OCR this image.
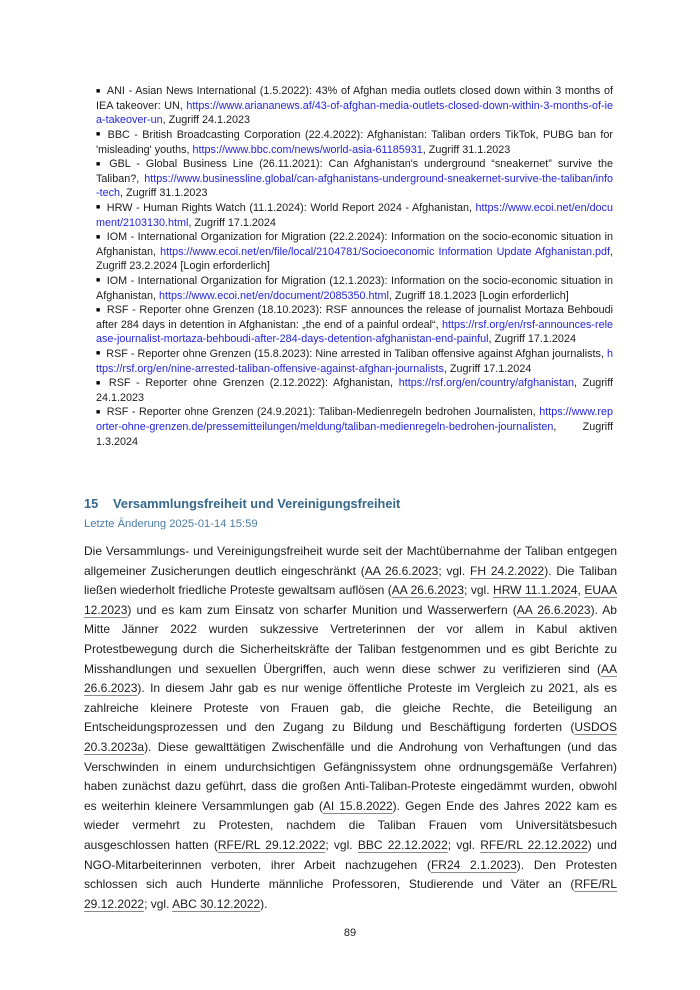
■ ANI - Asian News International (1.5.2022): 43% of Afghan media outlets closed down within 3 months of IEA takeover: UN, https://www.ariananews.af/43-of-afghan-media-outlets-closed-down-within-3-months-of-iea-takeover-un, Zugriff 24.1.2023
■ BBC - British Broadcasting Corporation (22.4.2022): Afghanistan: Taliban orders TikTok, PUBG ban for 'misleading' youths, https://www.bbc.com/news/world-asia-61185931, Zugriff 31.1.2023
■ GBL - Global Business Line (26.11.2021): Can Afghanistan's underground “sneakernet” survive the Taliban?, https://www.businessline.global/can-afghanistans-underground-sneakernet-survive-the-taliban/info-tech, Zugriff 31.1.2023
■ HRW - Human Rights Watch (11.1.2024): World Report 2024 - Afghanistan, https://www.ecoi.net/en/document/2103130.html, Zugriff 17.1.2024
■ IOM - International Organization for Migration (22.2.2024): Information on the socio-economic situation in Afghanistan, https://www.ecoi.net/en/file/local/2104781/Socioeconomic Information Update Afghanistan.pdf, Zugriff 23.2.2024 [Login erforderlich]
■ IOM - International Organization for Migration (12.1.2023): Information on the socio-economic situation in Afghanistan, https://www.ecoi.net/en/document/2085350.html, Zugriff 18.1.2023 [Login erforderlich]
■ RSF - Reporter ohne Grenzen (18.10.2023): RSF announces the release of journalist Mortaza Behboudi after 284 days in detention in Afghanistan: „the end of a painful ordeal“, https://rsf.org/en/rsf-announces-release-journalist-mortaza-behboudi-after-284-days-detention-afghanistan-end-painful, Zugriff 17.1.2024
■ RSF - Reporter ohne Grenzen (15.8.2023): Nine arrested in Taliban offensive against Afghan journalists, https://rsf.org/en/nine-arrested-taliban-offensive-against-afghan-journalists, Zugriff 17.1.2024
■ RSF - Reporter ohne Grenzen (2.12.2022): Afghanistan, https://rsf.org/en/country/afghanistan, Zugriff 24.1.2023
■ RSF - Reporter ohne Grenzen (24.9.2021): Taliban-Medienregeln bedrohen Journalisten, https://www.reporter-ohne-grenzen.de/pressemitteilungen/meldung/taliban-medienregeln-bedrohen-journalisten, Zugriff 1.3.2024
15 Versammlungsfreiheit und Vereinigungsfreiheit
Letzte Änderung 2025-01-14 15:59

Die Versammlungs- und Vereinigungsfreiheit wurde seit der Machtübernahme der Taliban entgegen allgemeiner Zusicherungen deutlich eingeschränkt (AA 26.6.2023; vgl. FH 24.2.2022). Die Taliban ließen wiederholt friedliche Proteste gewaltsam auflösen (AA 26.6.2023; vgl. HRW 11.1.2024, EUAA 12.2023) und es kam zum Einsatz von scharfer Munition und Wasserwerfern (AA 26.6.2023). Ab Mitte Jänner 2022 wurden sukzessive Vertreterinnen der vor allem in Kabul aktiven Protestbewegung durch die Sicherheitskräfte der Taliban festgenommen und es gibt Berichte zu Misshandlungen und sexuellen Übergriffen, auch wenn diese schwer zu verifizieren sind (AA 26.6.2023). In diesem Jahr gab es nur wenige öffentliche Proteste im Vergleich zu 2021, als es zahlreiche kleinere Proteste von Frauen gab, die gleiche Rechte, die Beteiligung an Entscheidungsprozessen und den Zugang zu Bildung und Beschäftigung forderten (USDOS 20.3.2023a). Diese gewalttätigen Zwischenfälle und die Androhung von Verhaftungen (und das Verschwinden in einem undurchsichtigen Gefängnissystem ohne ordnungsgemäße Verfahren) haben zunächst dazu geführt, dass die großen Anti-Taliban-Proteste eingedämmt wurden, obwohl es weiterhin kleinere Versammlungen gab (AI 15.8.2022). Gegen Ende des Jahres 2022 kam es wieder vermehrt zu Protesten, nachdem die Taliban Frauen vom Universitätsbesuch ausgeschlossen hatten (RFE/RL 29.12.2022; vgl. BBC 22.12.2022; vgl. RFE/RL 22.12.2022) und NGO-Mitarbeiterinnen verboten, ihrer Arbeit nachzugehen (FR24 2.1.2023). Den Protesten schlossen sich auch Hunderte männliche Professoren, Studierende und Väter an (RFE/RL 29.12.2022; vgl. ABC 30.12.2022).

89
